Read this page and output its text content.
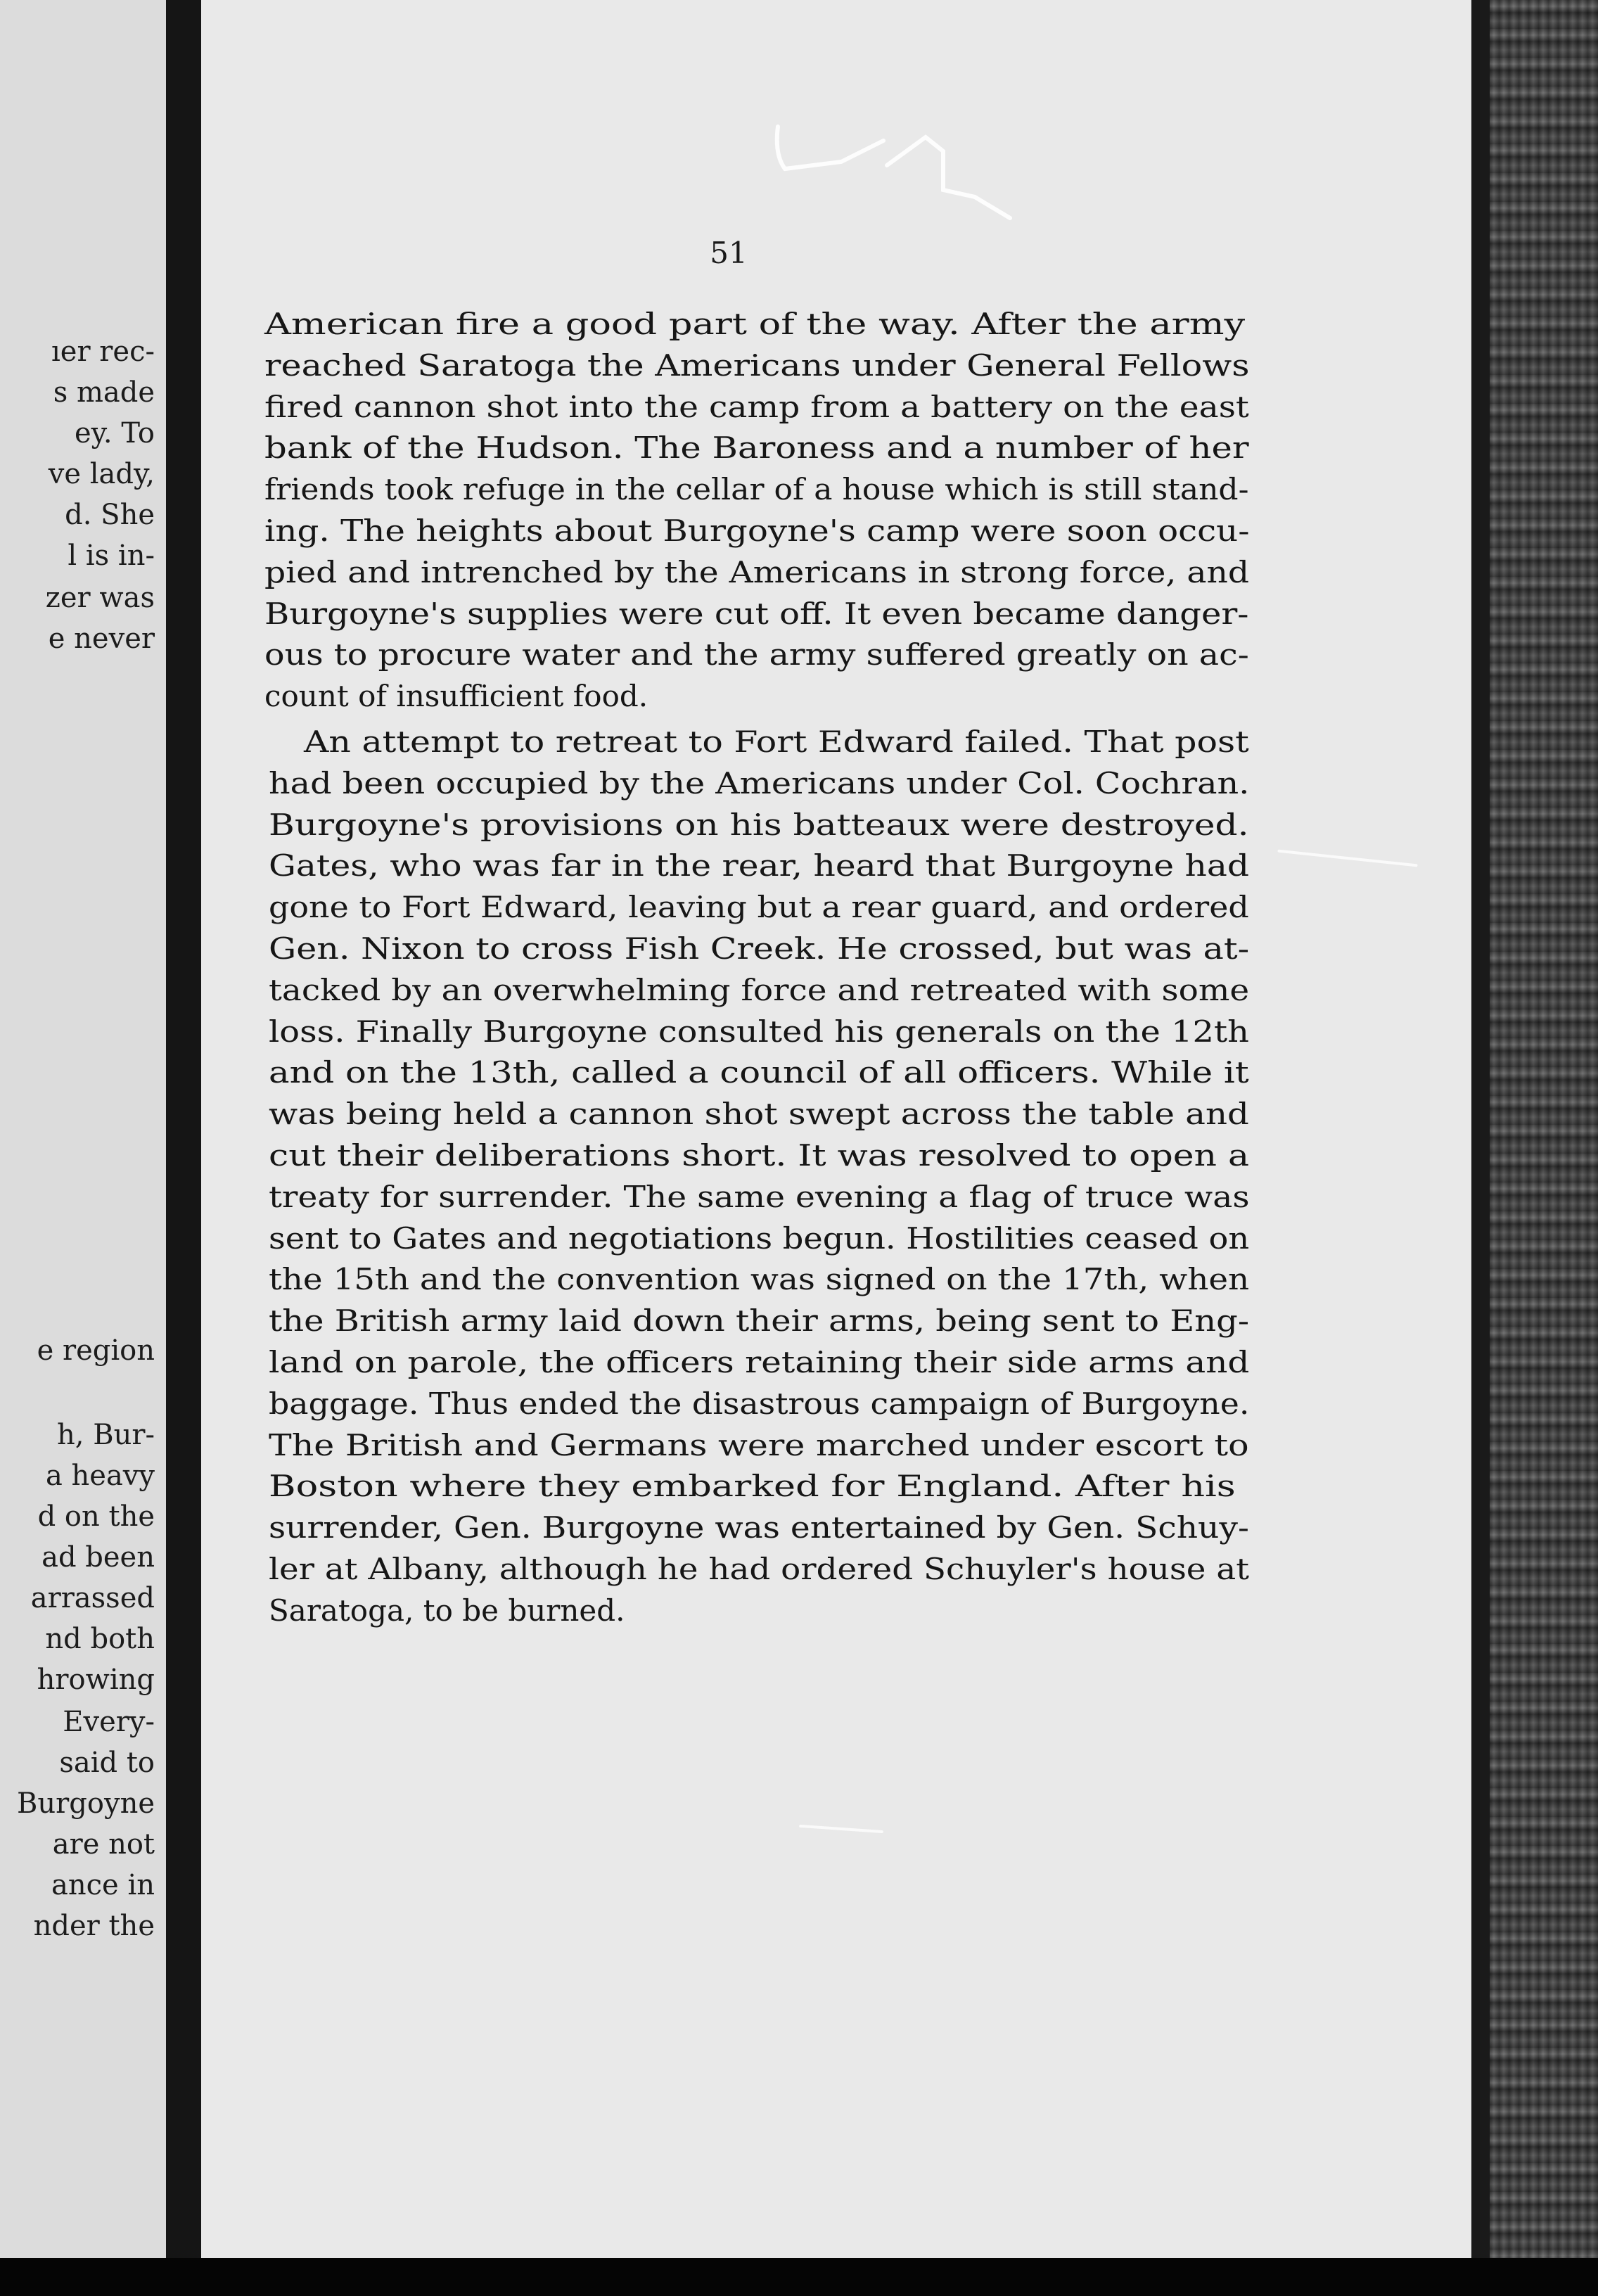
ıer rec-

s made

ey. To

ve lady,

d. She

l is in-

zer was

e never

e region

h, Bur-

a heavy

d on the

ad been

arrassed

nd both

hrowing

Every-

said to

Burgoyne

are not

ance in

nder the

51

American fire a good part of the way. After the army

reached Saratoga the Americans under General Fellows

fired cannon shot into the camp from a battery on the east

bank of the Hudson. The Baroness and a number of her

friends took refuge in the cellar of a house which is still stand-

ing. The heights about Burgoyne's camp were soon occu-

pied and intrenched by the Americans in strong force, and

Burgoyne's supplies were cut off. It even became danger-

ous to procure water and the army suffered greatly on ac-

count of insufficient food.

An attempt to retreat to Fort Edward failed. That post

had been occupied by the Americans under Col. Cochran.

Burgoyne's provisions on his batteaux were destroyed.

Gates, who was far in the rear, heard that Burgoyne had

gone to Fort Edward, leaving but a rear guard, and ordered

Gen. Nixon to cross Fish Creek. He crossed, but was at-

tacked by an overwhelming force and retreated with some

loss. Finally Burgoyne consulted his generals on the 12th

and on the 13th, called a council of all officers. While it

was being held a cannon shot swept across the table and

cut their deliberations short. It was resolved to open a

treaty for surrender. The same evening a flag of truce was

sent to Gates and negotiations begun. Hostilities ceased on

the 15th and the convention was signed on the 17th, when

the British army laid down their arms, being sent to Eng-

land on parole, the officers retaining their side arms and

baggage. Thus ended the disastrous campaign of Burgoyne.

The British and Germans were marched under escort to

Boston where they embarked for England. After his

surrender, Gen. Burgoyne was entertained by Gen. Schuy-

ler at Albany, although he had ordered Schuyler's house at

Saratoga, to be burned.
